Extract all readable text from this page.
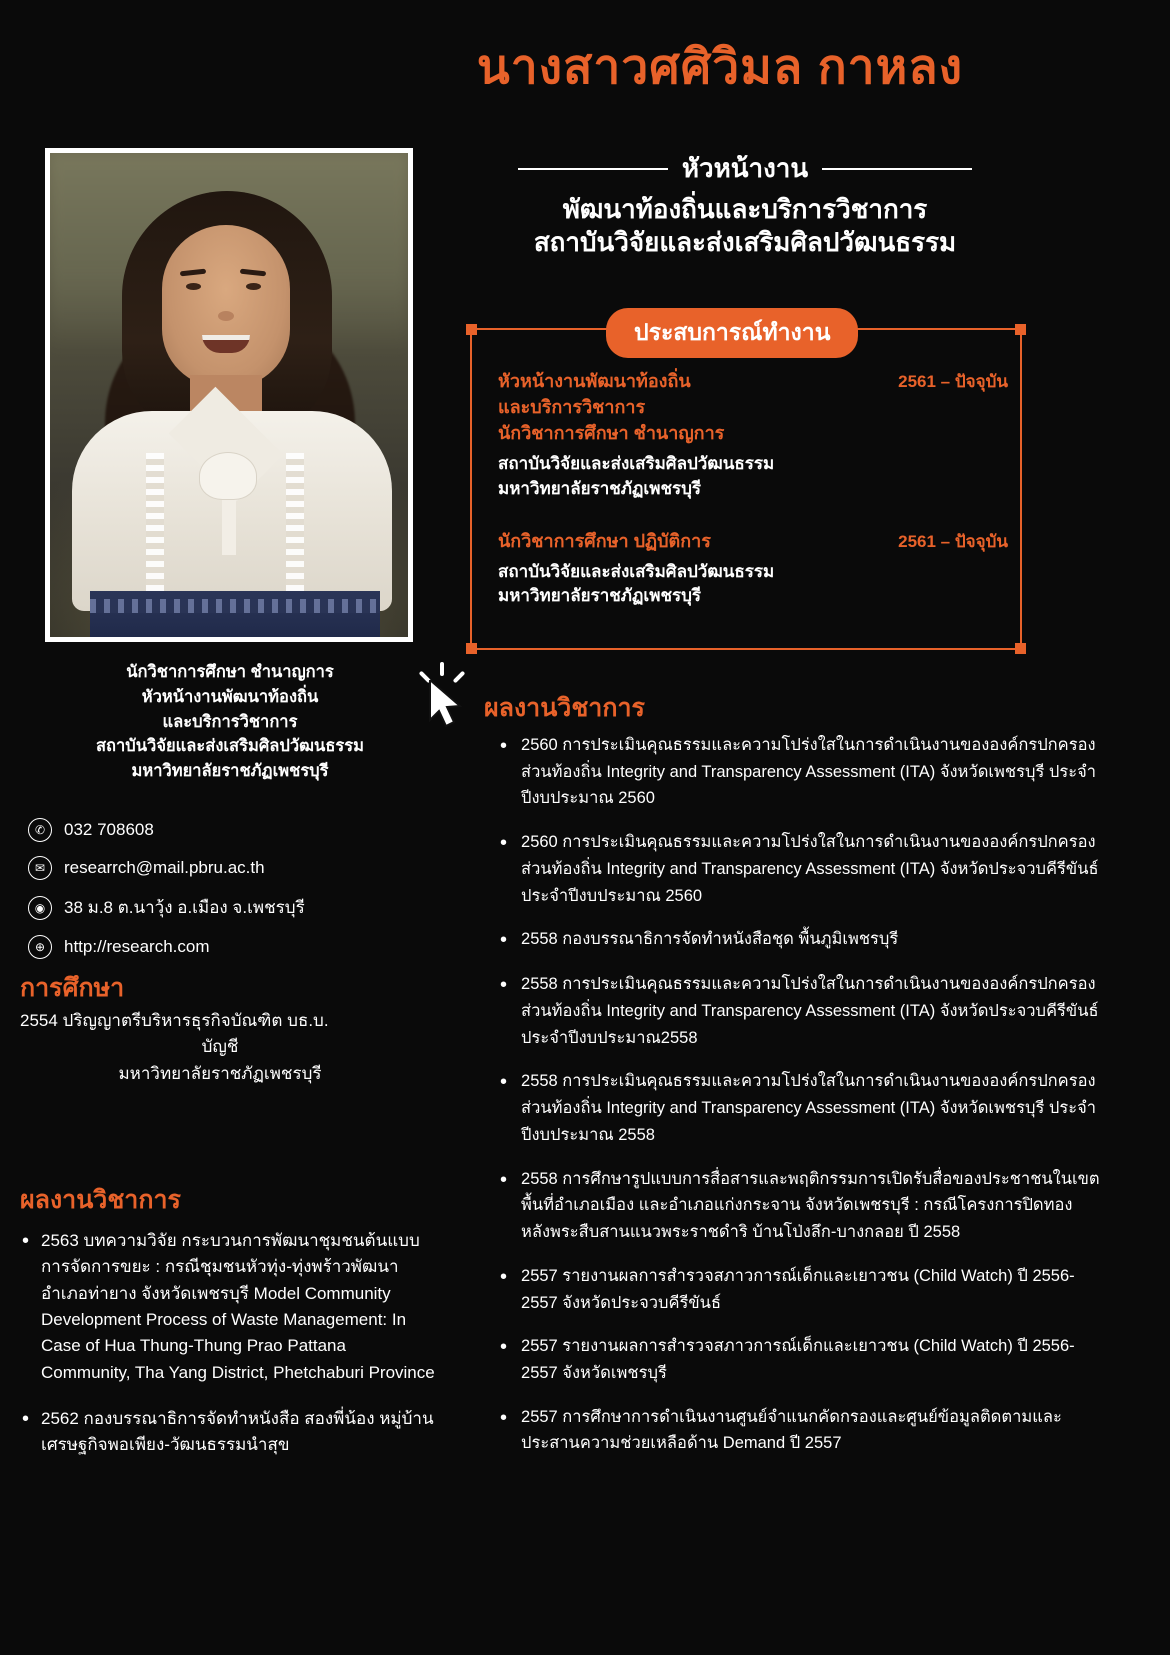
นางสาวศศิวิมล กาหลง
หัวหน้างาน
พัฒนาท้องถิ่นและบริการวิชาการ
สถาบันวิจัยและส่งเสริมศิลปวัฒนธรรม
นักวิชาการศึกษา ชำนาญการ
หัวหน้างานพัฒนาท้องถิ่น
และบริการวิชาการ
สถาบันวิจัยและส่งเสริมศิลปวัฒนธรรม
มหาวิทยาลัยราชภัฏเพชรบุรี
✆	032 708608
✉	researrch@mail.pbru.ac.th
◉	38 ม.8 ต.นาวุ้ง อ.เมือง จ.เพชรบุรี
⊕	http://research.com
การศึกษา
2554 ปริญญาตรีบริหารธุรกิจบัณฑิต บธ.บ.
บัญชี
มหาวิทยาลัยราชภัฏเพชรบุรี
ผลงานวิชาการ
• 2563 บทความวิจัย กระบวนการพัฒนาชุมชนต้นแบบการจัดการขยะ : กรณีชุมชนหัวทุ่ง-ทุ่งพร้าวพัฒนา อำเภอท่ายาง จังหวัดเพชรบุรี Model Community Development Process of Waste Management: In Case of Hua Thung-Thung Prao Pattana Community, Tha Yang District, Phetchaburi Province
• 2562 กองบรรณาธิการจัดทำหนังสือ สองพี่น้อง หมู่บ้านเศรษฐกิจพอเพียง-วัฒนธรรมนำสุข
ประสบการณ์ทำงาน
2561 – ปัจจุบัน
หัวหน้างานพัฒนาท้องถิ่น
และบริการวิชาการ
นักวิชาการศึกษา ชำนาญการ
สถาบันวิจัยและส่งเสริมศิลปวัฒนธรรม
มหาวิทยาลัยราชภัฏเพชรบุรี
2561 – ปัจจุบัน
นักวิชาการศึกษา ปฏิบัติการ
สถาบันวิจัยและส่งเสริมศิลปวัฒนธรรม
มหาวิทยาลัยราชภัฏเพชรบุรี
ผลงานวิชาการ
• 2560 การประเมินคุณธรรมและความโปร่งใสในการดำเนินงานขององค์กรปกครองส่วนท้องถิ่น Integrity and Transparency Assessment (ITA) จังหวัดเพชรบุรี ประจำปีงบประมาณ 2560
• 2560 การประเมินคุณธรรมและความโปร่งใสในการดำเนินงานขององค์กรปกครองส่วนท้องถิ่น Integrity and Transparency Assessment (ITA) จังหวัดประจวบคีรีขันธ์ ประจำปีงบประมาณ 2560
• 2558 กองบรรณาธิการจัดทำหนังสือชุด พื้นภูมิเพชรบุรี
• 2558 การประเมินคุณธรรมและความโปร่งใสในการดำเนินงานขององค์กรปกครองส่วนท้องถิ่น Integrity and Transparency Assessment (ITA) จังหวัดประจวบคีรีขันธ์ ประจำปีงบประมาณ2558
• 2558 การประเมินคุณธรรมและความโปร่งใสในการดำเนินงานขององค์กรปกครองส่วนท้องถิ่น Integrity and Transparency Assessment (ITA) จังหวัดเพชรบุรี ประจำปีงบประมาณ 2558
• 2558 การศึกษารูปแบบการสื่อสารและพฤติกรรมการเปิดรับสื่อของประชาชนในเขตพื้นที่อำเภอเมือง และอำเภอแก่งกระจาน จังหวัดเพชรบุรี : กรณีโครงการปิดทองหลังพระสืบสานแนวพระราชดำริ บ้านโป่งลึก-บางกลอย ปี 2558
• 2557 รายงานผลการสำรวจสภาวการณ์เด็กและเยาวชน (Child Watch) ปี 2556-2557 จังหวัดประจวบคีรีขันธ์
• 2557 รายงานผลการสำรวจสภาวการณ์เด็กและเยาวชน (Child Watch) ปี 2556-2557 จังหวัดเพชรบุรี
• 2557 การศึกษาการดำเนินงานศูนย์จำแนกคัดกรองและศูนย์ข้อมูลติดตามและประสานความช่วยเหลือด้าน Demand ปี 2557
